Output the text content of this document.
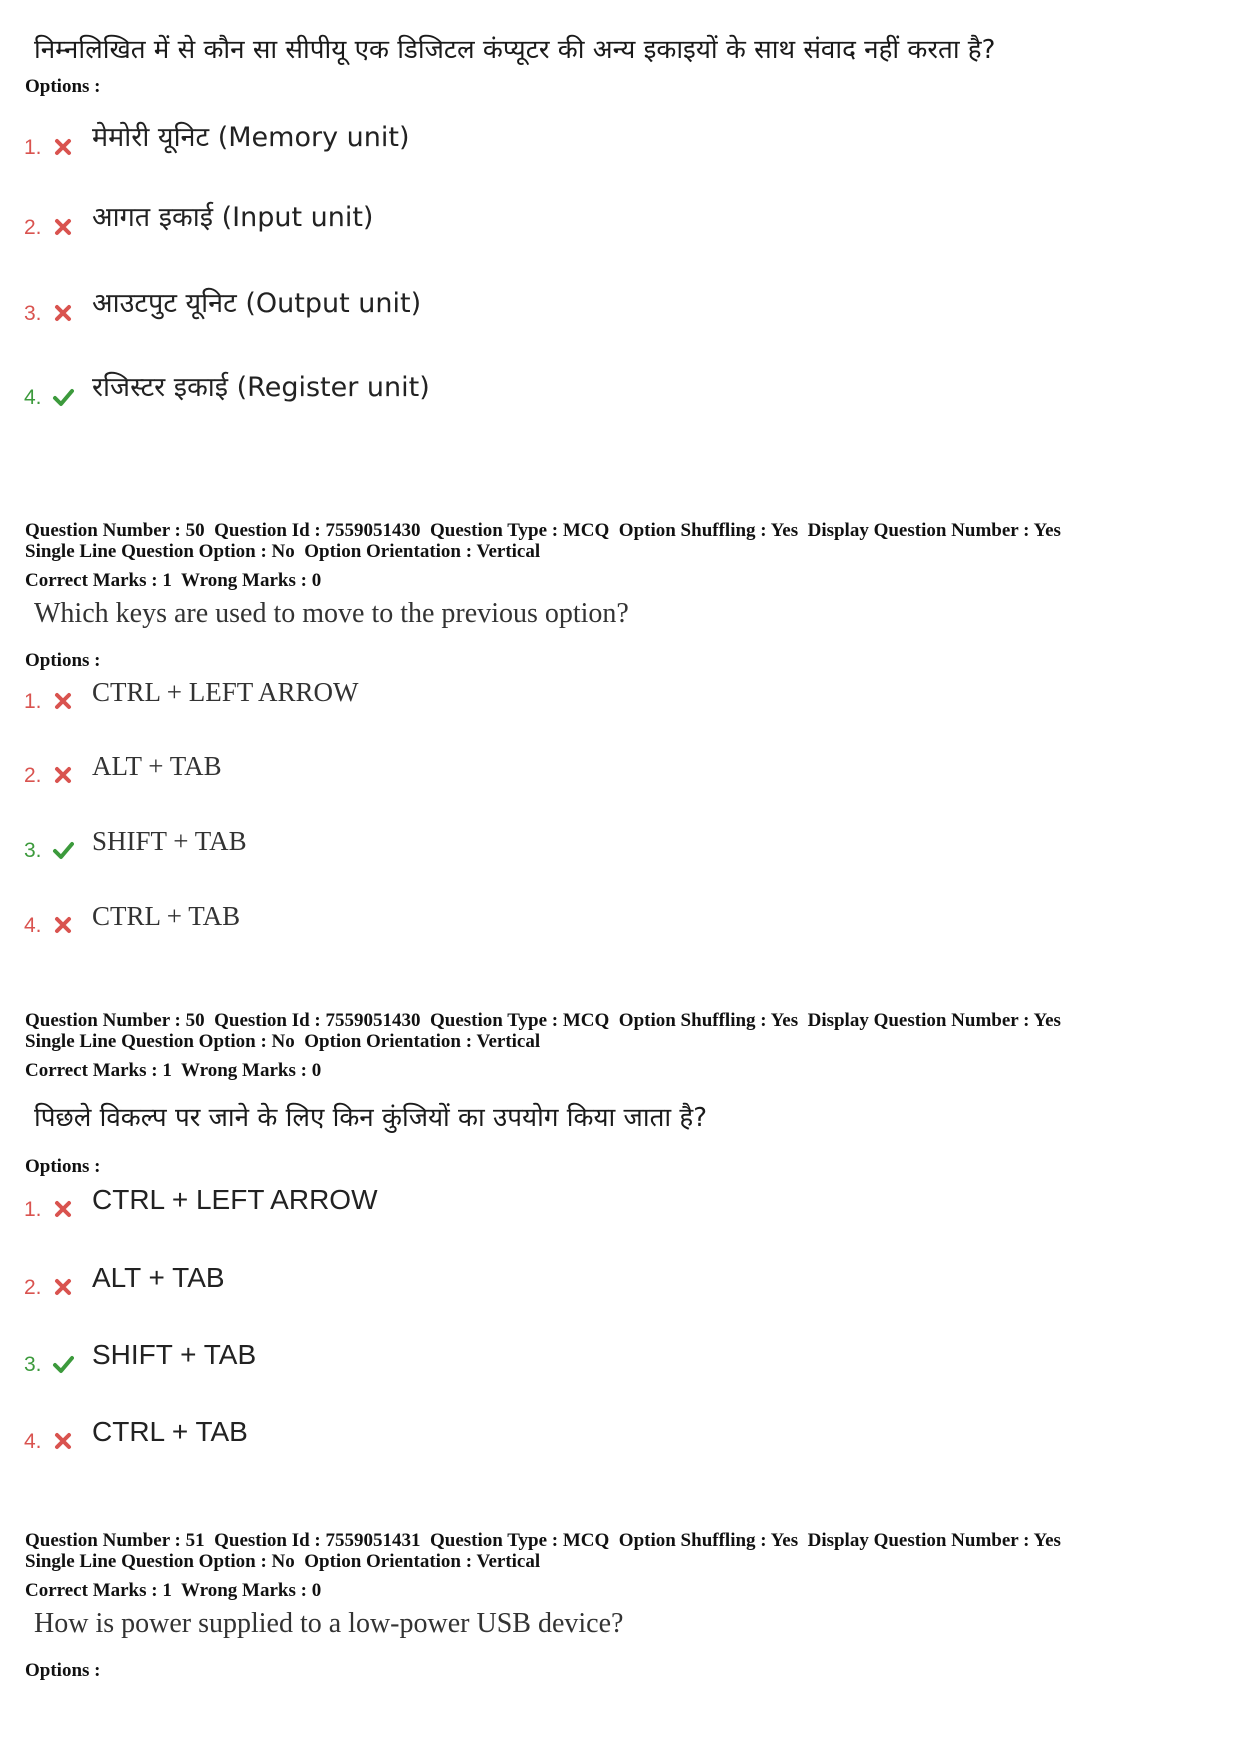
निम्नलिखित में से कौन सा सीपीयू एक डिजिटल कंप्यूटर की अन्य इकाइयों के साथ संवाद नहीं करता है?
Options :
1. मेमोरी यूनिट (Memory unit)
2. आगत इकाई (Input unit)
3. आउटपुट यूनिट (Output unit)
4. रजिस्टर इकाई (Register unit)
Question Number : 50  Question Id : 7559051430  Question Type : MCQ  Option Shuffling : Yes  Display Question Number : Yes
Single Line Question Option : No  Option Orientation : Vertical
Correct Marks : 1  Wrong Marks : 0
Which keys are used to move to the previous option?
Options :
1. CTRL + LEFT ARROW
2. ALT + TAB
3. SHIFT + TAB
4. CTRL + TAB
Question Number : 50  Question Id : 7559051430  Question Type : MCQ  Option Shuffling : Yes  Display Question Number : Yes
Single Line Question Option : No  Option Orientation : Vertical
Correct Marks : 1  Wrong Marks : 0
पिछले विकल्प पर जाने के लिए किन कुंजियों का उपयोग किया जाता है?
Options :
1. CTRL + LEFT ARROW
2. ALT + TAB
3. SHIFT + TAB
4. CTRL + TAB
Question Number : 51  Question Id : 7559051431  Question Type : MCQ  Option Shuffling : Yes  Display Question Number : Yes
Single Line Question Option : No  Option Orientation : Vertical
Correct Marks : 1  Wrong Marks : 0
How is power supplied to a low-power USB device?
Options :
